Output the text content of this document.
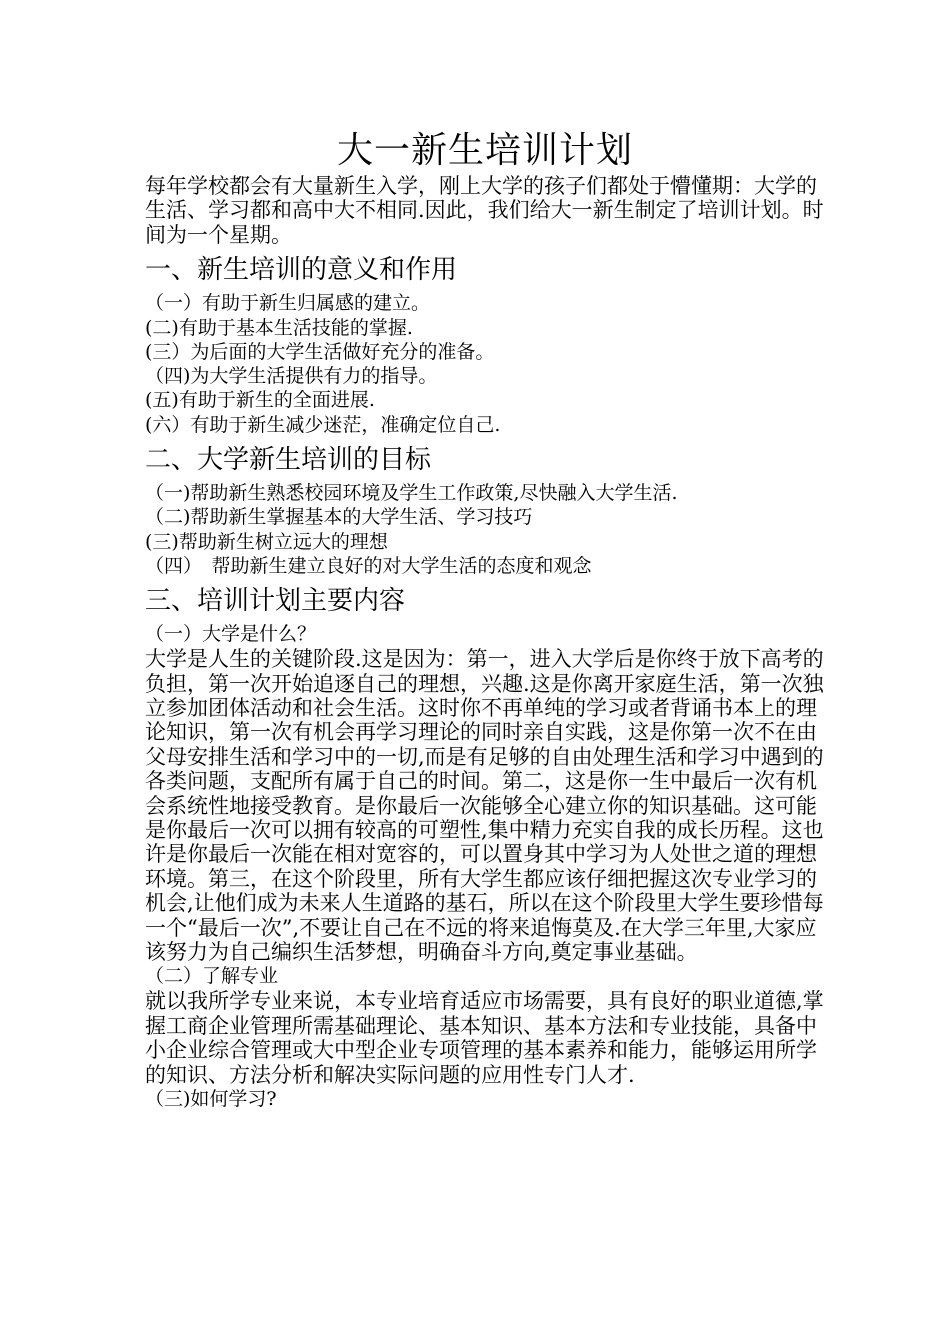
大一新生培训计划

每年学校都会有大量新生入学，刚上大学的孩子们都处于懵懂期：大学的生活、学习都和高中大不相同.因此，我们给大一新生制定了培训计划。时间为一个星期。

一、新生培训的意义和作用

（一）有助于新生归属感的建立。

(二)有助于基本生活技能的掌握.

(三）为后面的大学生活做好充分的准备。

（四)为大学生活提供有力的指导。

(五)有助于新生的全面进展.

(六）有助于新生减少迷茫，准确定位自己.

二、大学新生培训的目标

（一)帮助新生熟悉校园环境及学生工作政策,尽快融入大学生活.

（二)帮助新生掌握基本的大学生活、学习技巧

(三)帮助新生树立远大的理想

（四）　帮助新生建立良好的对大学生活的态度和观念

三、培训计划主要内容

（一）大学是什么？

大学是人生的关键阶段.这是因为：第一，进入大学后是你终于放下高考的负担，第一次开始追逐自己的理想，兴趣.这是你离开家庭生活，第一次独立参加团体活动和社会生活。这时你不再单纯的学习或者背诵书本上的理论知识，第一次有机会再学习理论的同时亲自实践，这是你第一次不在由父母安排生活和学习中的一切,而是有足够的自由处理生活和学习中遇到的各类问题，支配所有属于自己的时间。第二，这是你一生中最后一次有机会系统性地接受教育。是你最后一次能够全心建立你的知识基础。这可能是你最后一次可以拥有较高的可塑性,集中精力充实自我的成长历程。这也许是你最后一次能在相对宽容的，可以置身其中学习为人处世之道的理想环境。第三，在这个阶段里，所有大学生都应该仔细把握这次专业学习的机会,让他们成为未来人生道路的基石，所以在这个阶段里大学生要珍惜每一个“最后一次”,不要让自己在不远的将来追悔莫及.在大学三年里,大家应该努力为自己编织生活梦想，明确奋斗方向,奠定事业基础。

（二）了解专业

就以我所学专业来说，本专业培育适应市场需要，具有良好的职业道德,掌握工商企业管理所需基础理论、基本知识、基本方法和专业技能，具备中小企业综合管理或大中型企业专项管理的基本素养和能力，能够运用所学的知识、方法分析和解决实际问题的应用性专门人才.

（三)如何学习?
